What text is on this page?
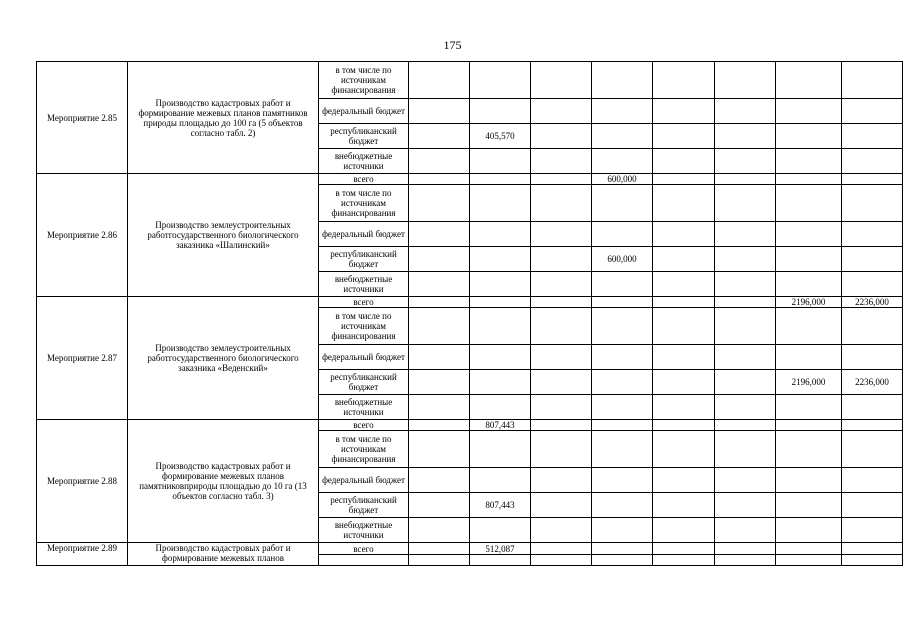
175
Мероприятие 2.85	Производство кадастровых работ и формирование межевых планов памятников природы площадью до 100 га (5 объектов согласно табл. 2)	в том числе по источникам финансирования								
		федеральный бюджет								
		республиканский бюджет		405,570						
		внебюджетные источники								
Мероприятие 2.86	Производство землеустроительных работгосударственного биологического заказника «Шалинский»	всего				600,000				
		в том числе по источникам финансирования								
		федеральный бюджет								
		республиканский бюджет				600,000				
		внебюджетные источники								
Мероприятие 2.87	Производство землеустроительных работгосударственного биологического заказника «Веденский»	всего							2196,000	2236,000
		в том числе по источникам финансирования								
		федеральный бюджет								
		республиканский бюджет							2196,000	2236,000
		внебюджетные источники								
Мероприятие 2.88	Производство кадастровых работ и формирование межевых планов памятниковприроды площадью до 10 га (13 объектов согласно табл. 3)	всего		807,443						
		в том числе по источникам финансирования								
		федеральный бюджет								
		республиканский бюджет		807,443						
		внебюджетные источники								
Мероприятие 2.89	Производство кадастровых работ и формирование межевых планов	всего		512,087						
